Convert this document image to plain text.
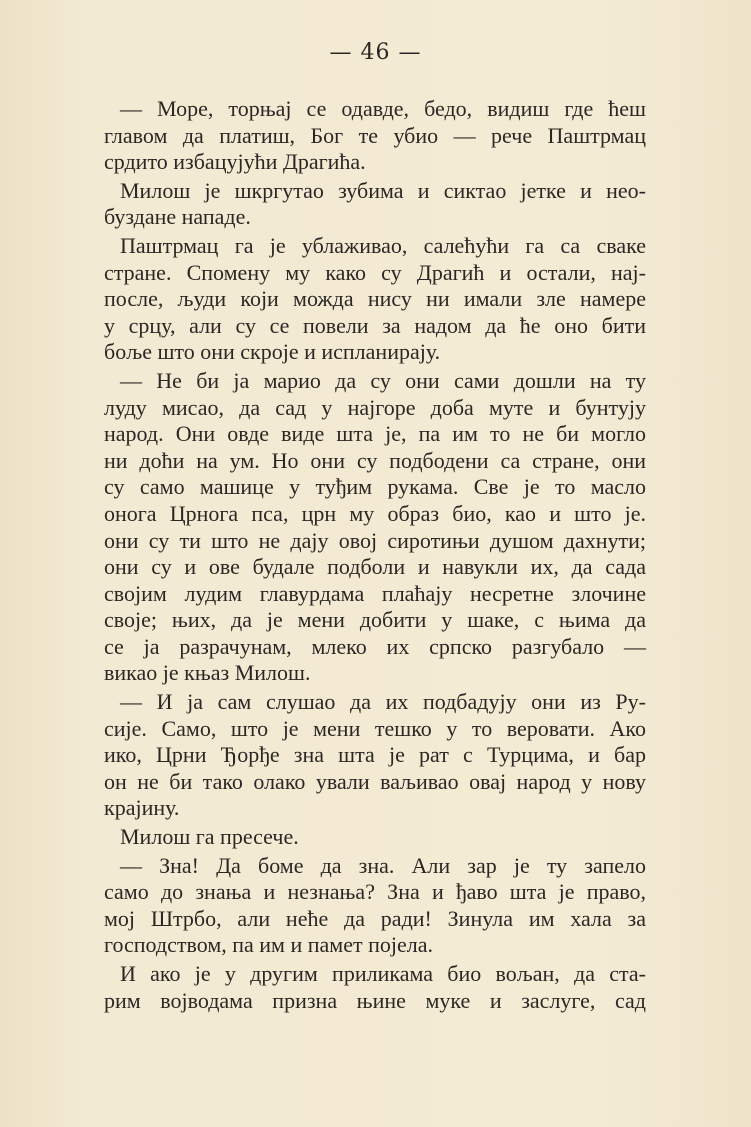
— 46 —

— Море, торњај се одавде, бедо, видиш где ћеш
главом да платиш, Бог те убио — рече Паштрмац
срдито избацујући Драгића.

Милош је шкргутао зубима и сиктао јетке и нео-
буздане нападе.

Паштрмац га је ублаживао, салећући га са сваке
стране. Спомену му како су Драгић и остали, нај-
после, људи који можда нису ни имали зле намере
у срцу, али су се повели за надом да ће оно бити
боље што они скроје и испланирају.

— Не би ја марио да су они сами дошли на ту
луду мисао, да сад у најгоре доба муте и бунтују
народ. Они овде виде шта је, па им то не би могло
ни доћи на ум. Но они су подбодени са стране, они
су само машице у туђим рукама. Све је то масло
онога Црнога пса, црн му образ био, као и што је.
они су ти што не дају овој сиротињи душом дахнути;
они су и ове будале подболи и навукли их, да сада
својим лудим главурдама плаћају несретне злочине
своје; њих, да је мени добити у шаке, с њима да
се ја разрачунам, млеко их српско разгубало —
викао је књаз Милош.

— И ја сам слушао да их подбадују они из Ру-
сије. Само, што је мени тешко у то веровати. Ако
ико, Црни Ђорђе зна шта је рат с Турцима, и бар
он не би тако олако ували ваљивао овај народ у нову
крајину.

Милош га пресече.

— Зна! Да боме да зна. Али зар је ту запело
само до знања и незнања? Зна и ђаво шта је право,
мој Штрбо, али неће да ради! Зинула им хала за
господством, па им и памет појела.

И ако је у другим приликама био вољан, да ста-
рим војводама призна њине муке и заслуге, сад
